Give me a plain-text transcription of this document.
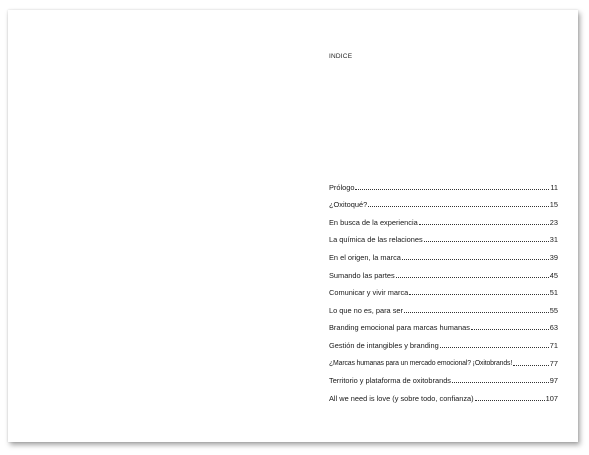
INDICE
Prólogo	11
¿Oxitoqué?	15
En busca de la experiencia	23
La química de las relaciones	31
En el origen, la marca	39
Sumando las partes	45
Comunicar y vivir marca	51
Lo que no es, para ser	55
Branding emocional para marcas humanas	63
Gestión de intangibles y branding	71
¿Marcas humanas para un mercado emocional? ¡Oxitobrands!	77
Territorio y plataforma de oxitobrands	97
All we need is love (y sobre todo, confianza)	107
